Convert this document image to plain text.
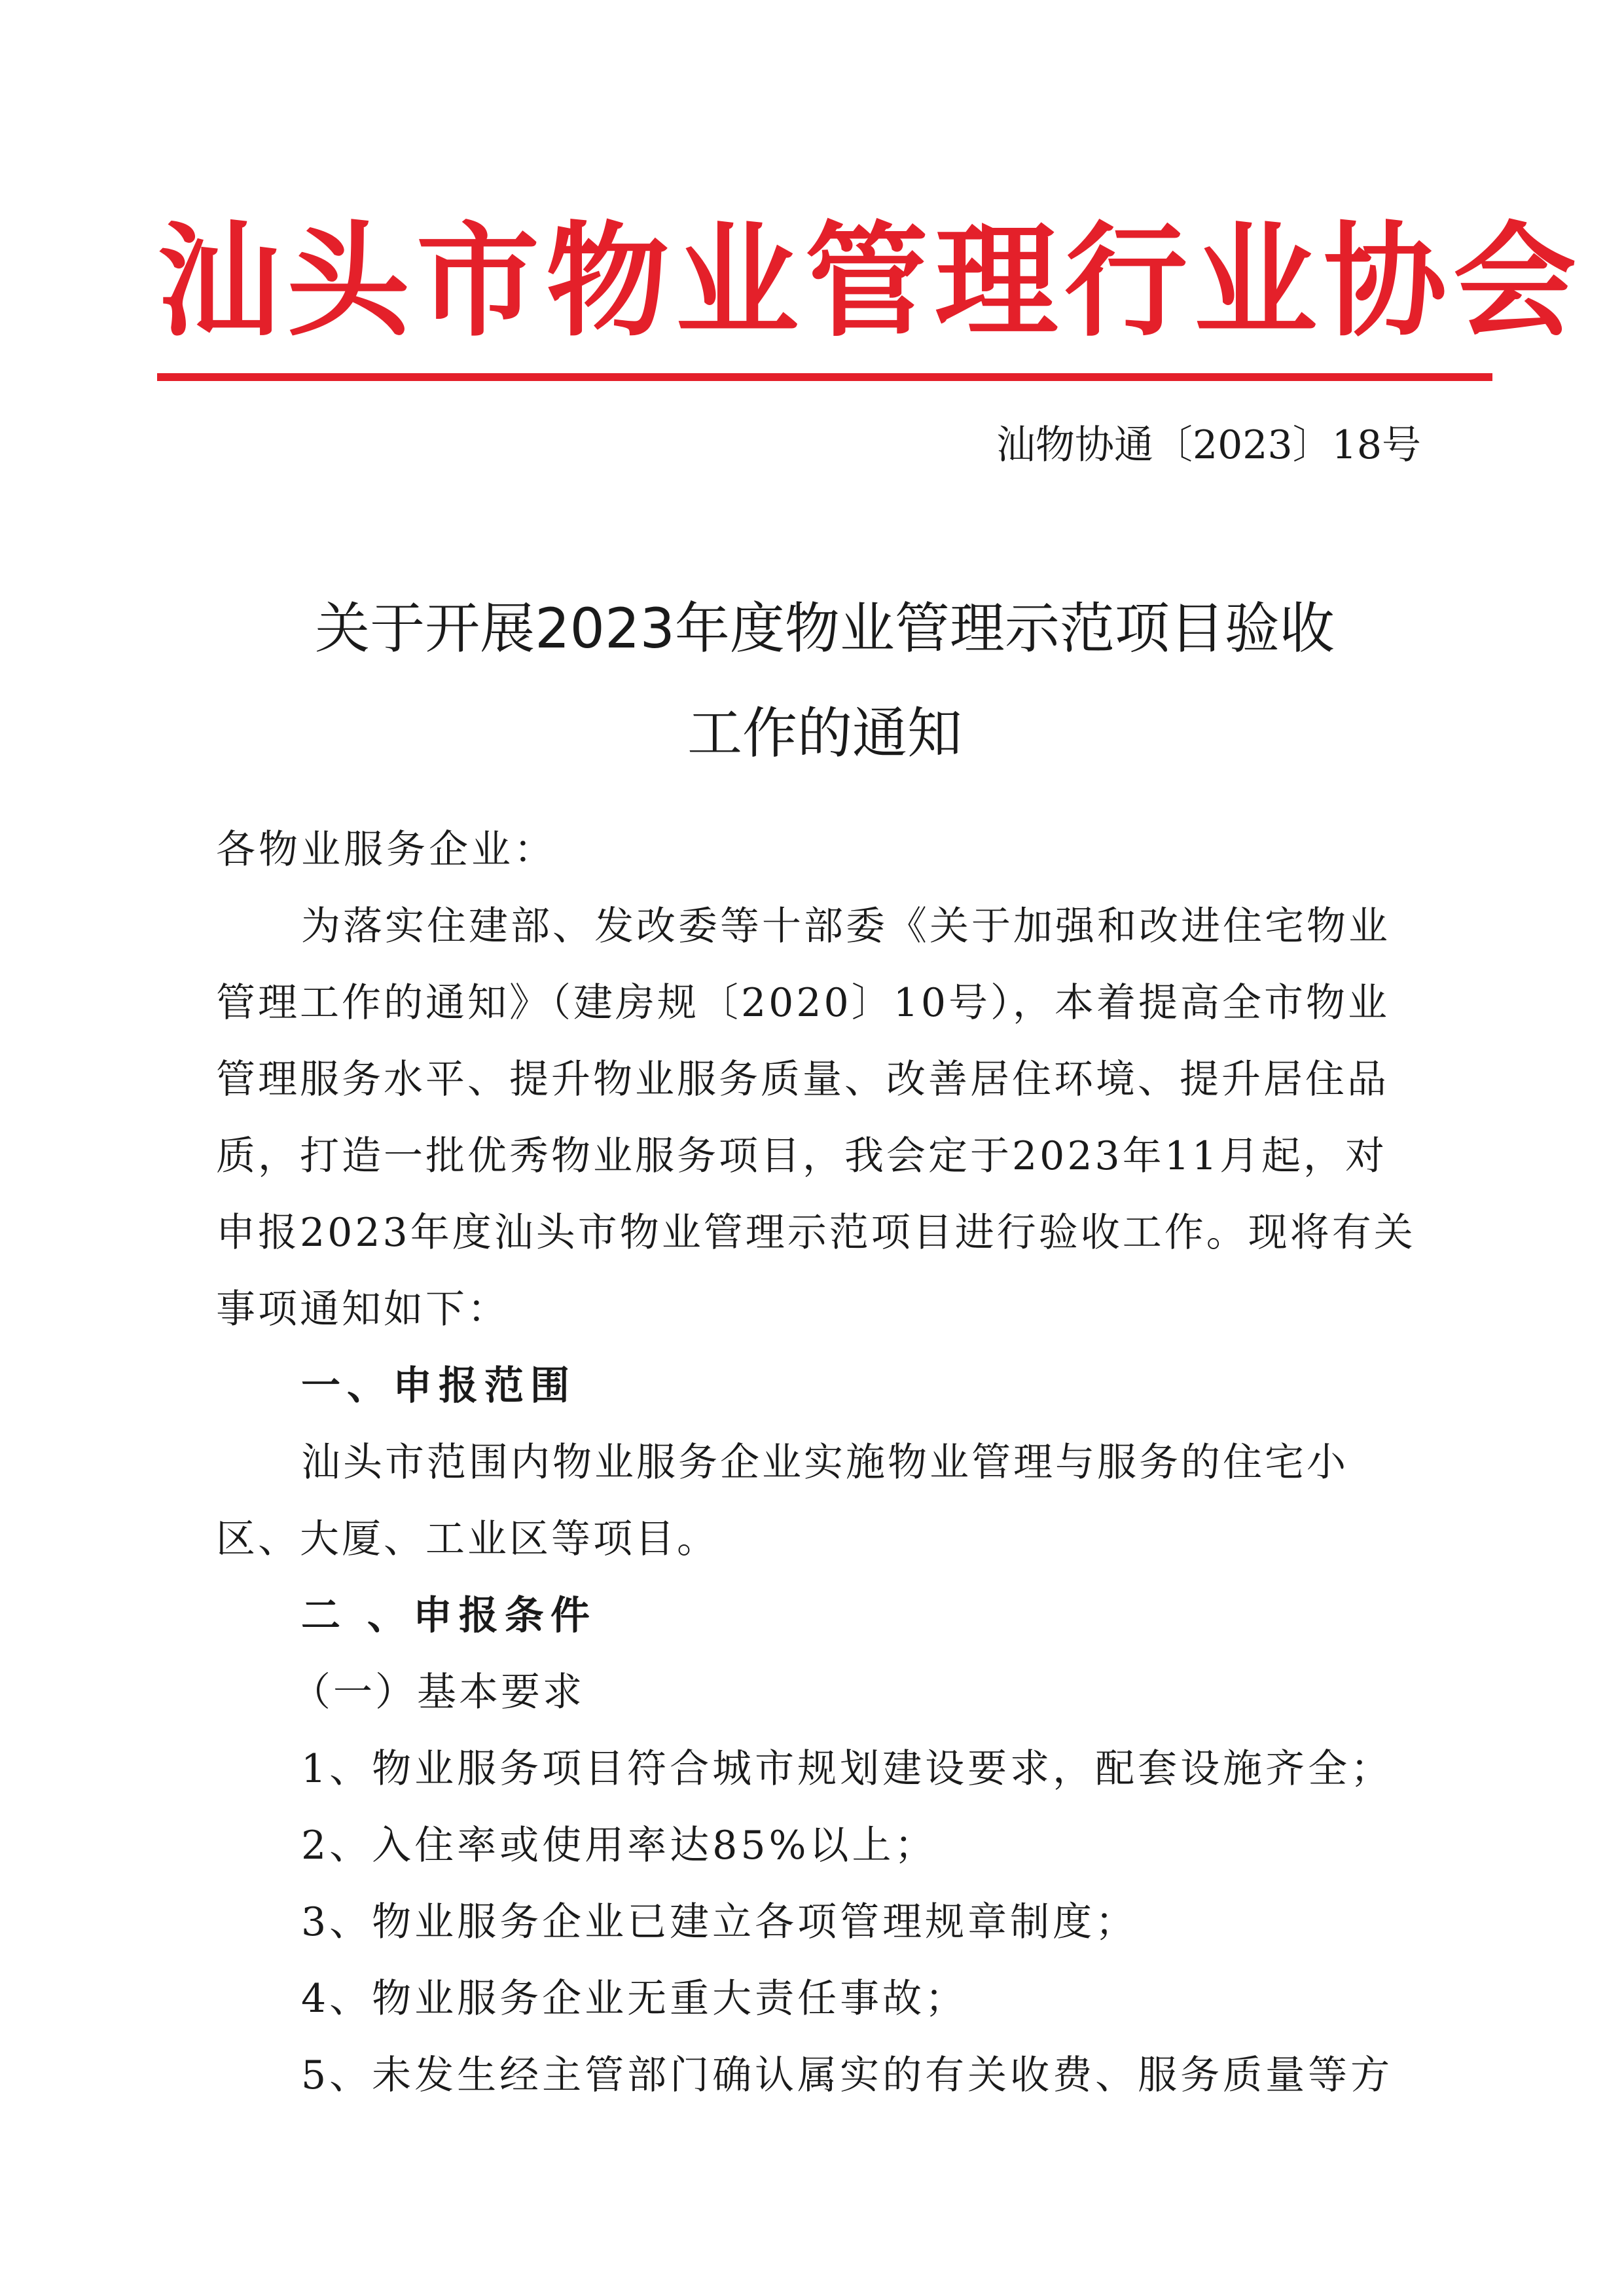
汕头市物业管理行业协会
汕物协通〔2023〕18号
关于开展2023年度物业管理示范项目验收
工作的通知

各物业服务企业：

为落实住建部、发改委等十部委《关于加强和改进住宅物业管理工作的通知》（建房规〔2020〕10号），本着提高全市物业管理服务水平、提升物业服务质量、改善居住环境、提升居住品质，打造一批优秀物业服务项目，我会定于2023年11月起，对申报2023年度汕头市物业管理示范项目进行验收工作。现将有关事项通知如下：

一、申报范围

汕头市范围内物业服务企业实施物业管理与服务的住宅小区、大厦、工业区等项目。

二 、申报条件

（一）基本要求

1、物业服务项目符合城市规划建设要求，配套设施齐全；

2、入住率或使用率达85%以上；

3、物业服务企业已建立各项管理规章制度；

4、物业服务企业无重大责任事故；

5、未发生经主管部门确认属实的有关收费、服务质量等方
